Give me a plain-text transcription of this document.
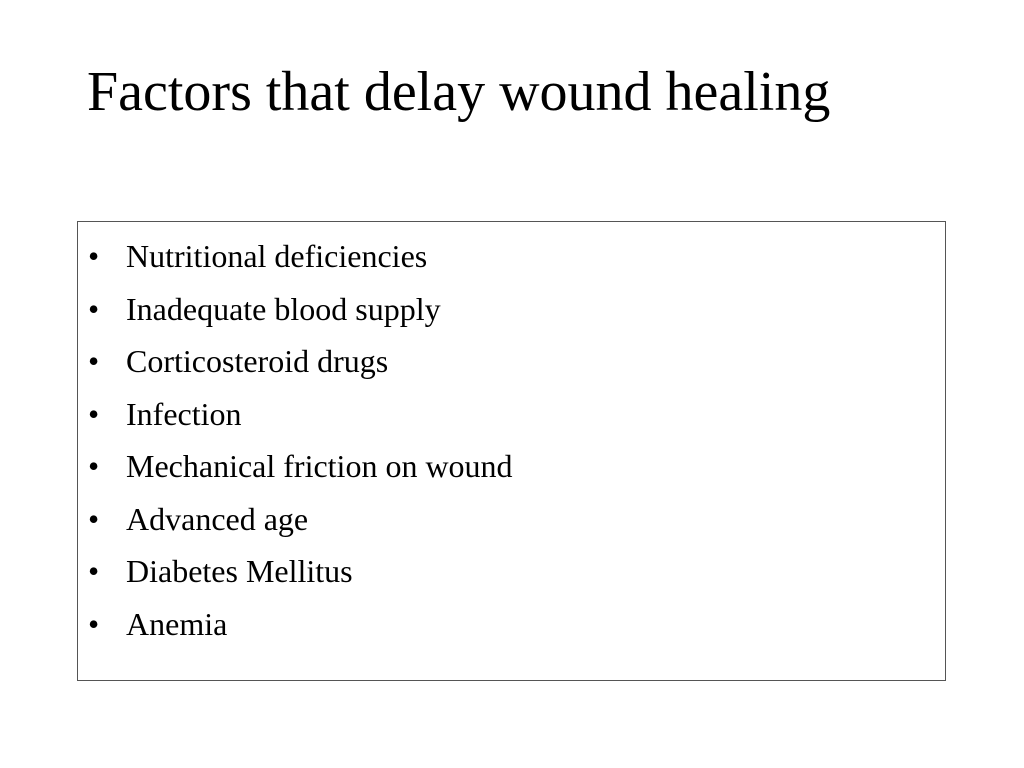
Factors that delay wound healing
• Nutritional deficiencies
• Inadequate blood supply
• Corticosteroid drugs
• Infection
• Mechanical friction on wound
• Advanced age
• Diabetes Mellitus
• Anemia
